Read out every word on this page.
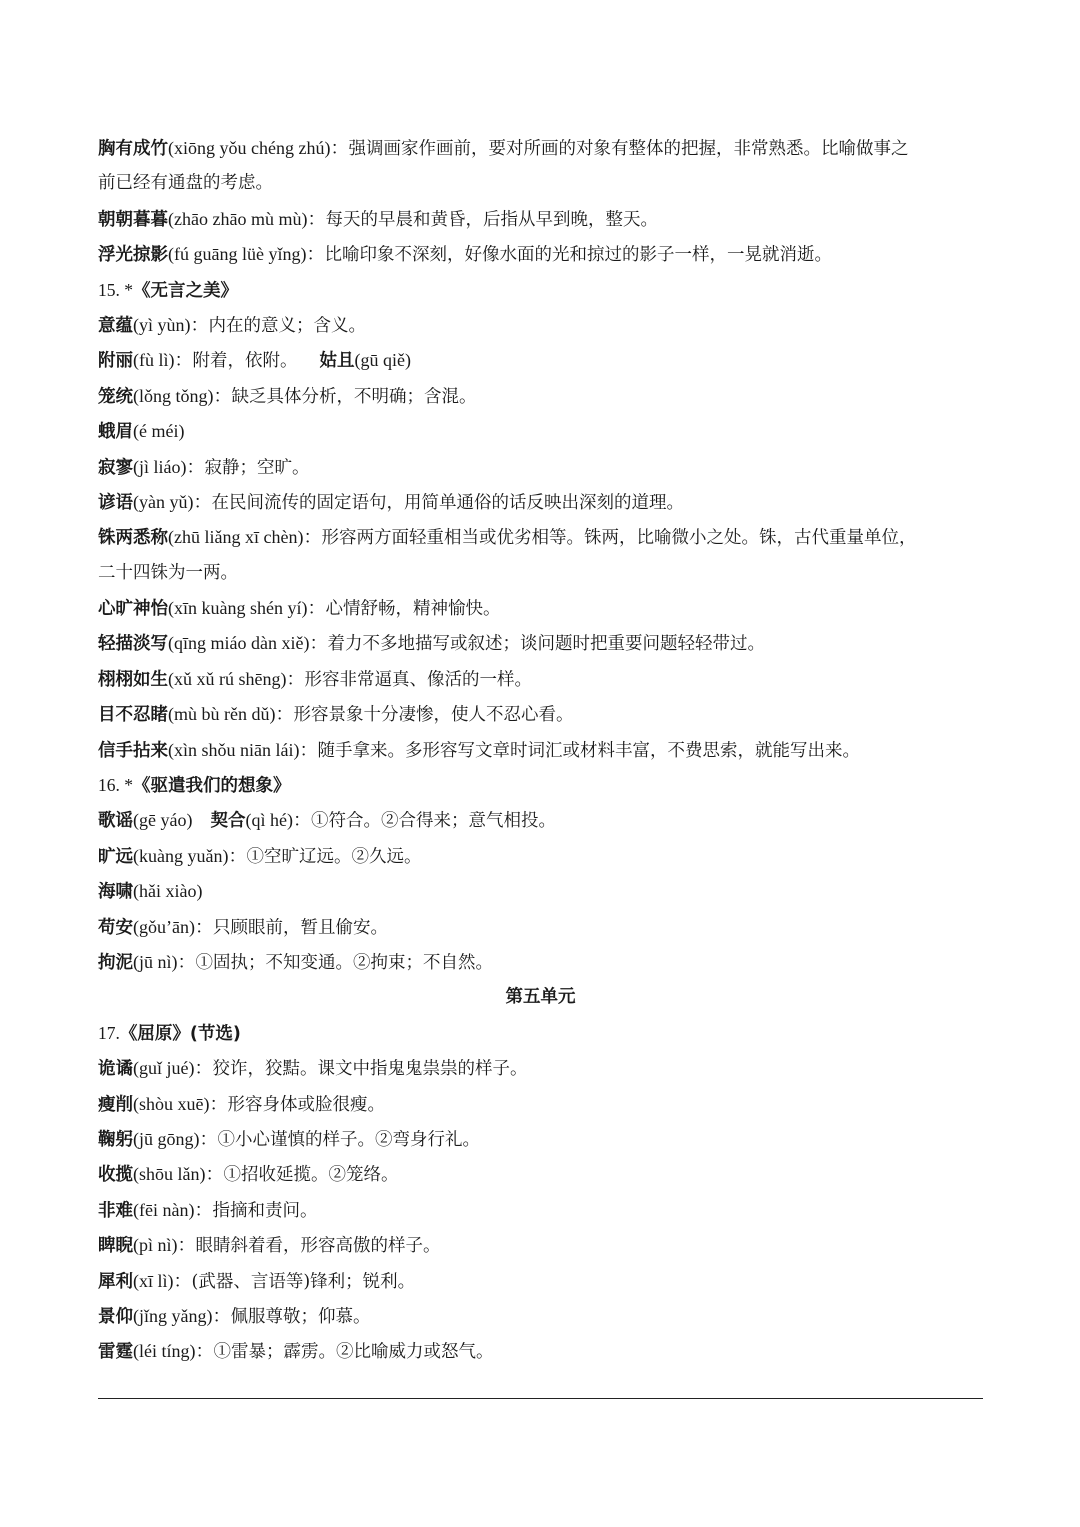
胸有成竹(xiōng yǒu chéng zhú)：强调画家作画前，要对所画的对象有整体的把握，非常熟悉。比喻做事之
前已经有通盘的考虑。
朝朝暮暮(zhāo zhāo mù mù)：每天的早晨和黄昏，后指从早到晚，整天。
浮光掠影(fú guāng lüè yǐng)：比喻印象不深刻，好像水面的光和掠过的影子一样，一晃就消逝。
15. *《无言之美》
意蕴(yì yùn)：内在的意义；含义。
附丽(fù lì)：附着，依附。 姑且(gū qiě)
笼统(lǒng tǒng)：缺乏具体分析，不明确；含混。
蛾眉(é méi)
寂寥(jì liáo)：寂静；空旷。
谚语(yàn yǔ)：在民间流传的固定语句，用简单通俗的话反映出深刻的道理。
铢两悉称(zhū liǎng xī chèn)：形容两方面轻重相当或优劣相等。铢两，比喻微小之处。铢，古代重量单位，
二十四铢为一两。
心旷神怡(xīn kuàng shén yí)：心情舒畅，精神愉快。
轻描淡写(qīng miáo dàn xiě)：着力不多地描写或叙述；谈问题时把重要问题轻轻带过。
栩栩如生(xǔ xǔ rú shēng)：形容非常逼真、像活的一样。
目不忍睹(mù bù rěn dǔ)：形容景象十分凄惨，使人不忍心看。
信手拈来(xìn shǒu niān lái)：随手拿来。多形容写文章时词汇或材料丰富，不费思索，就能写出来。
16. *《驱遣我们的想象》
歌谣(gē yáo) 契合(qì hé)：①符合。②合得来；意气相投。
旷远(kuàng yuǎn)：①空旷辽远。②久远。
海啸(hǎi xiào)
苟安(gǒu’ān)：只顾眼前，暂且偷安。
拘泥(jū nì)：①固执；不知变通。②拘束；不自然。
第五单元
17.《屈原》(节选)
诡谲(guǐ jué)：狡诈，狡黠。课文中指鬼鬼祟祟的样子。
瘦削(shòu xuē)：形容身体或脸很瘦。
鞠躬(jū gōng)：①小心谨慎的样子。②弯身行礼。
收揽(shōu lǎn)：①招收延揽。②笼络。
非难(fēi nàn)：指摘和责问。
睥睨(pì nì)：眼睛斜着看，形容高傲的样子。
犀利(xī lì)：(武器、言语等)锋利；锐利。
景仰(jǐng yǎng)：佩服尊敬；仰慕。
雷霆(léi tíng)：①雷暴；霹雳。②比喻威力或怒气。
